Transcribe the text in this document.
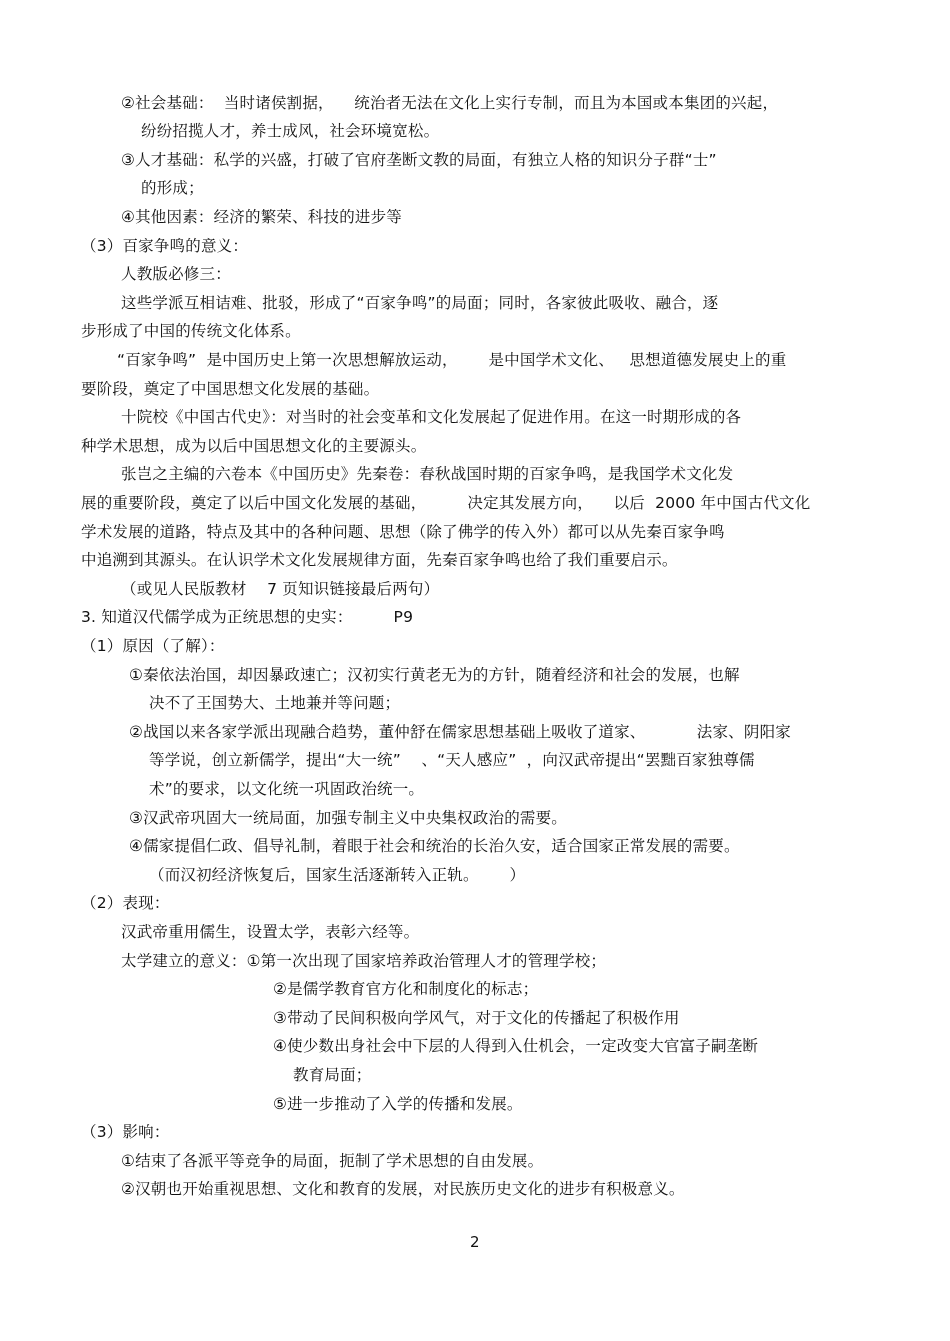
②社会基础：  当时诸侯割据，    统治者无法在文化上实行专制，而且为本国或本集团的兴起，
纷纷招揽人才，养士成风，社会环境宽松。
③人才基础：私学的兴盛，打破了官府垄断文教的局面，有独立人格的知识分子群“士”
的形成；
④其他因素：经济的繁荣、科技的进步等
（3）百家争鸣的意义：
人教版必修三：
这些学派互相诘难、批驳，形成了“百家争鸣”的局面；同时，各家彼此吸收、融合，逐
步形成了中国的传统文化体系。
“百家争鸣”  是中国历史上第一次思想解放运动，      是中国学术文化、   思想道德发展史上的重
要阶段，奠定了中国思想文化发展的基础。
十院校《中国古代史》：对当时的社会变革和文化发展起了促进作用。在这一时期形成的各
种学术思想，成为以后中国思想文化的主要源头。
张岂之主编的六卷本《中国历史》先秦卷：春秋战国时期的百家争鸣，是我国学术文化发
展的重要阶段，奠定了以后中国文化发展的基础，        决定其发展方向，    以后  2000 年中国古代文化
学术发展的道路，特点及其中的各种问题、思想（除了佛学的传入外）都可以从先秦百家争鸣
中追溯到其源头。在认识学术文化发展规律方面，先秦百家争鸣也给了我们重要启示。
（或见人民版教材    7 页知识链接最后两句）
3. 知道汉代儒学成为正统思想的史实：        P9
（1）原因（了解）：
①秦依法治国，却因暴政速亡；汉初实行黄老无为的方针，随着经济和社会的发展，也解
决不了王国势大、土地兼并等问题；
②战国以来各家学派出现融合趋势，董仲舒在儒家思想基础上吸收了道家、          法家、阴阳家
等学说，创立新儒学，提出“大一统”    、“天人感应”  ，向汉武帝提出“罢黜百家独尊儒
术”的要求，以文化统一巩固政治统一。
③汉武帝巩固大一统局面，加强专制主义中央集权政治的需要。
④儒家提倡仁政、倡导礼制，着眼于社会和统治的长治久安，适合国家正常发展的需要。
（而汉初经济恢复后，国家生活逐渐转入正轨。      ）
（2）表现：
汉武帝重用儒生，设置太学，表彰六经等。
太学建立的意义：①第一次出现了国家培养政治管理人才的管理学校；
②是儒学教育官方化和制度化的标志；
③带动了民间积极向学风气，对于文化的传播起了积极作用
④使少数出身社会中下层的人得到入仕机会，一定改变大官富子嗣垄断
教育局面；
⑤进一步推动了入学的传播和发展。
（3）影响：
①结束了各派平等竞争的局面，扼制了学术思想的自由发展。
②汉朝也开始重视思想、文化和教育的发展，对民族历史文化的进步有积极意义。
2
